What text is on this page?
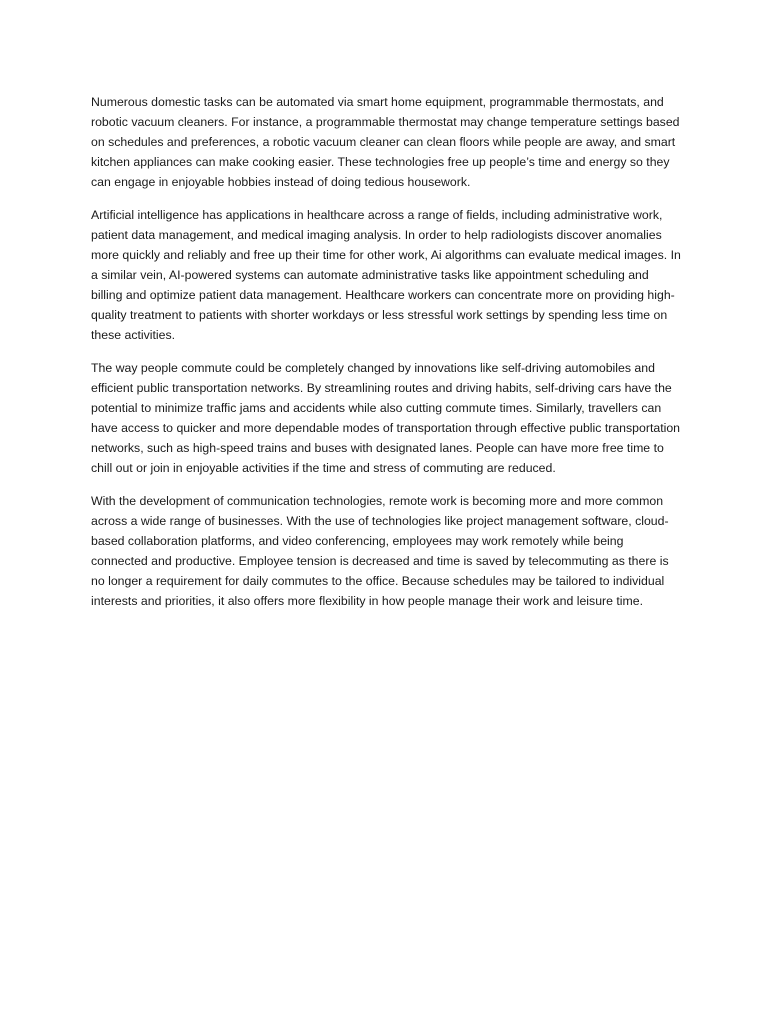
Numerous domestic tasks can be automated via smart home equipment, programmable thermostats, and robotic vacuum cleaners. For instance, a programmable thermostat may change temperature settings based on schedules and preferences, a robotic vacuum cleaner can clean floors while people are away, and smart kitchen appliances can make cooking easier. These technologies free up people’s time and energy so they can engage in enjoyable hobbies instead of doing tedious housework.

Artificial intelligence has applications in healthcare across a range of fields, including administrative work, patient data management, and medical imaging analysis. In order to help radiologists discover anomalies more quickly and reliably and free up their time for other work, Ai algorithms can evaluate medical images. In a similar vein, AI-powered systems can automate administrative tasks like appointment scheduling and billing and optimize patient data management. Healthcare workers can concentrate more on providing high-quality treatment to patients with shorter workdays or less stressful work settings by spending less time on these activities.

The way people commute could be completely changed by innovations like self-driving automobiles and efficient public transportation networks. By streamlining routes and driving habits, self-driving cars have the potential to minimize traffic jams and accidents while also cutting commute times. Similarly, travellers can have access to quicker and more dependable modes of transportation through effective public transportation networks, such as high-speed trains and buses with designated lanes. People can have more free time to chill out or join in enjoyable activities if the time and stress of commuting are reduced.

With the development of communication technologies, remote work is becoming more and more common across a wide range of businesses. With the use of technologies like project management software, cloud-based collaboration platforms, and video conferencing, employees may work remotely while being connected and productive. Employee tension is decreased and time is saved by telecommuting as there is no longer a requirement for daily commutes to the office. Because schedules may be tailored to individual interests and priorities, it also offers more flexibility in how people manage their work and leisure time.
